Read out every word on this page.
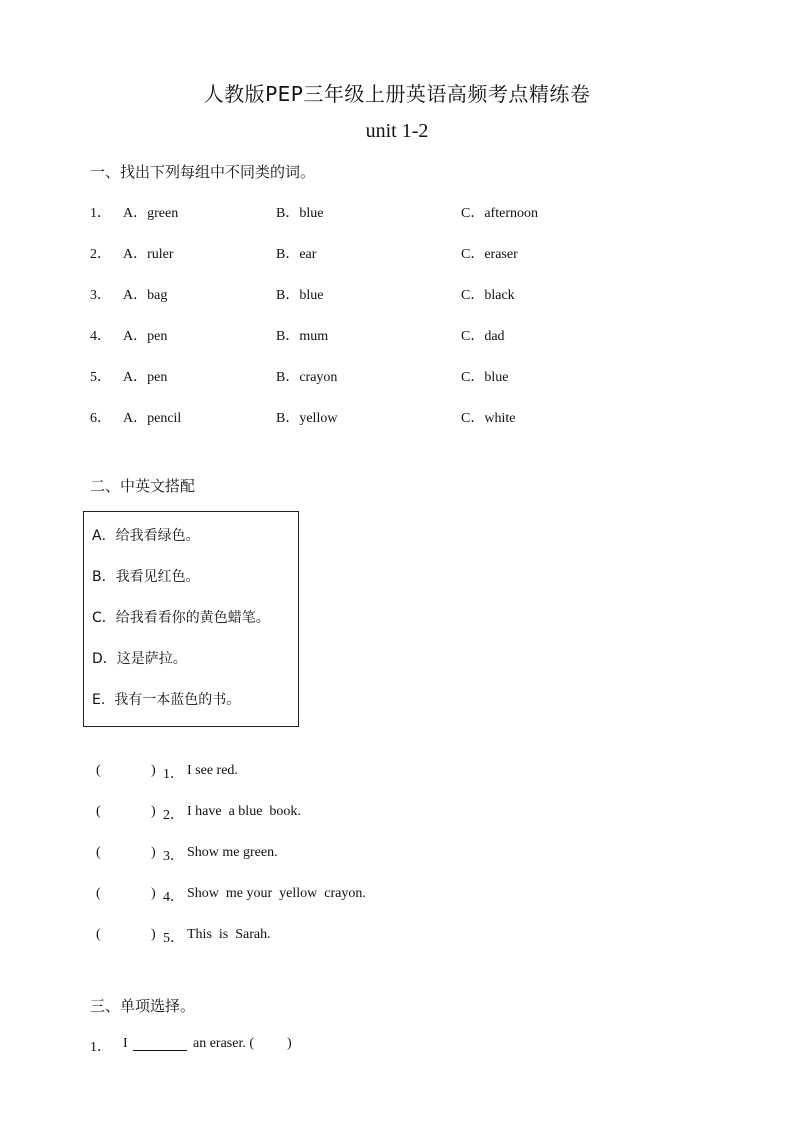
人教版PEP三年级上册英语高频考点精练卷
unit 1-2
一、找出下列每组中不同类的词。
1． A．green	B．blue	C．afternoon
2． A．ruler	B．ear	C．eraser
3． A．bag	B．blue	C．black
4． A．pen	B．mum	C．dad
5． A．pen	B．crayon	C．blue
6． A．pencil	B．yellow	C．white
二、中英文搭配
A．给我看绿色。
B．我看见红色。
C．给我看看你的黄色蜡笔。
D．这是萨拉。
E.  我有一本蓝色的书。
(	) 1． I see red.
(	) 2． I have  a blue  book.
(	) 3． Show me green.
(	) 4． Show  me your  yellow  crayon.
(	) 5． This  is  Sarah.
三、单项选择。
1． I	an eraser. ( )
